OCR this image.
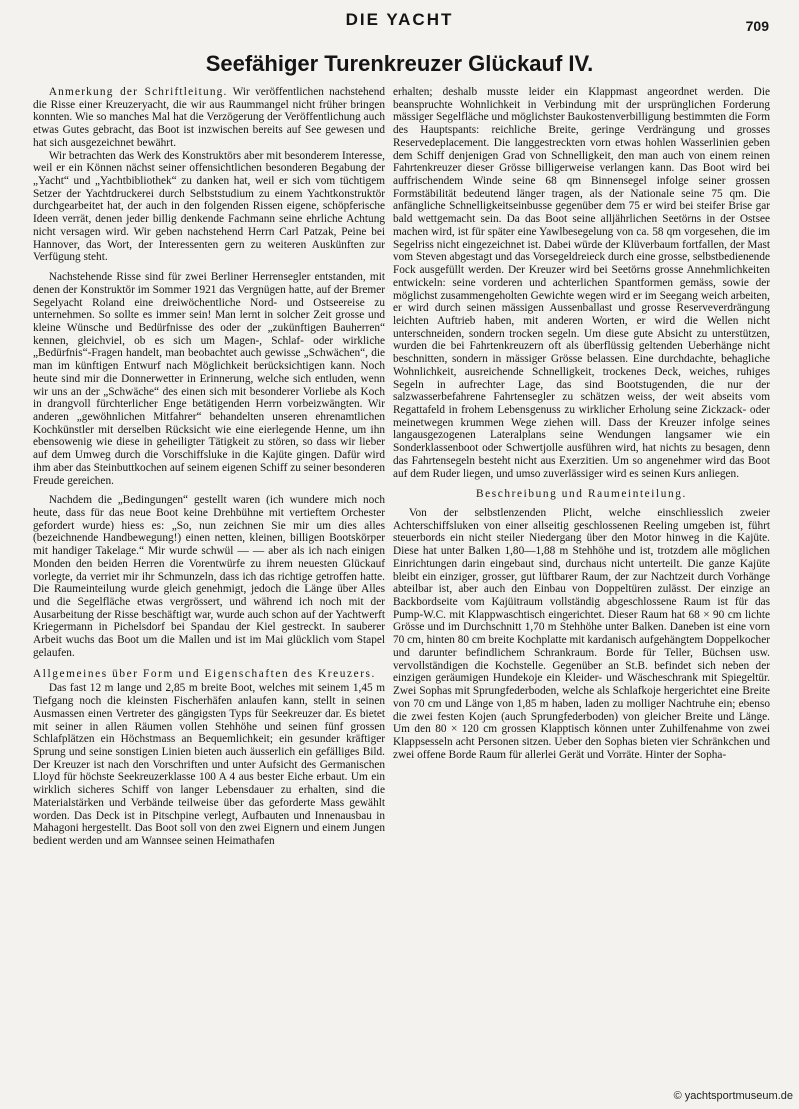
DIE YACHT	709
Seefähiger Turenkreuzer Glückauf IV.

Anmerkung der Schriftleitung. Wir veröffentlichen nachstehend die Risse einer Kreuzeryacht, die wir aus Raummangel nicht früher bringen konnten. Wie so manches Mal hat die Verzögerung der Veröffentlichung auch etwas Gutes gebracht, das Boot ist inzwischen bereits auf See gewesen und hat sich ausgezeichnet bewährt.

Wir betrachten das Werk des Konstruktörs aber mit besonderem Interesse, weil er ein Können nächst seiner offensichtlichen besonderen Begabung der „Yacht“ und „Yachtbibliothek“ zu danken hat, weil er sich vom tüchtigem Setzer der Yachtdruckerei durch Selbststudium zu einem Yachtkonstruktör durchgearbeitet hat, der auch in den folgenden Rissen eigene, schöpferische Ideen verrät, denen jeder billig denkende Fachmann seine ehrliche Achtung nicht versagen wird. Wir geben nachstehend Herrn Carl Patzak, Peine bei Hannover, das Wort, der Interessenten gern zu weiteren Auskünften zur Verfügung steht.

Nachstehende Risse sind für zwei Berliner Herrensegler entstanden, mit denen der Konstruktör im Sommer 1921 das Vergnügen hatte, auf der Bremer Segelyacht Roland eine dreiwöchentliche Nord- und Ostseereise zu unternehmen. So sollte es immer sein! Man lernt in solcher Zeit grosse und kleine Wünsche und Bedürfnisse des oder der „zukünftigen Bauherren“ kennen, gleichviel, ob es sich um Magen-, Schlaf- oder wirkliche „Bedürfnis“-Fragen handelt, man beobachtet auch gewisse „Schwächen“, die man im künftigen Entwurf nach Möglichkeit berücksichtigen kann. Noch heute sind mir die Donnerwetter in Erinnerung, welche sich entluden, wenn wir uns an der „Schwäche“ des einen sich mit besonderer Vorliebe als Koch in drangvoll fürchterlicher Enge betätigenden Herrn vorbeizwängten. Wir anderen „gewöhnlichen Mitfahrer“ behandelten unseren ehrenamtlichen Kochkünstler mit derselben Rücksicht wie eine eierlegende Henne, um ihn ebensowenig wie diese in geheiligter Tätigkeit zu stören, so dass wir lieber auf dem Umweg durch die Vorschiffsluke in die Kajüte gingen. Dafür wird ihm aber das Steinbuttkochen auf seinem eigenen Schiff zu seiner besonderen Freude gereichen.

Nachdem die „Bedingungen“ gestellt waren (ich wundere mich noch heute, dass für das neue Boot keine Drehbühne mit vertieftem Orchester gefordert wurde) hiess es: „So, nun zeichnen Sie mir um dies alles (bezeichnende Handbewegung!) einen netten, kleinen, billigen Bootskörper mit handiger Takelage.“ Mir wurde schwül — — aber als ich nach einigen Monden den beiden Herren die Vorentwürfe zu ihrem neuesten Glückauf vorlegte, da verriet mir ihr Schmunzeln, dass ich das richtige getroffen hatte. Die Raumeinteilung wurde gleich genehmigt, jedoch die Länge über Alles und die Segelfläche etwas vergrössert, und während ich noch mit der Ausarbeitung der Risse beschäftigt war, wurde auch schon auf der Yachtwerft Kriegermann in Pichelsdorf bei Spandau der Kiel gestreckt. In sauberer Arbeit wuchs das Boot um die Mallen und ist im Mai glücklich vom Stapel gelaufen.

Allgemeines über Form und Eigenschaften des Kreuzers.

Das fast 12 m lange und 2,85 m breite Boot, welches mit seinem 1,45 m Tiefgang noch die kleinsten Fischerhäfen anlaufen kann, stellt in seinen Ausmassen einen Vertreter des gängigsten Typs für Seekreuzer dar. Es bietet mit seiner in allen Räumen vollen Stehhöhe und seinen fünf grossen Schlafplätzen ein Höchstmass an Bequemlichkeit; ein gesunder kräftiger Sprung und seine sonstigen Linien bieten auch äusserlich ein gefälliges Bild. Der Kreuzer ist nach den Vorschriften und unter Aufsicht des Germanischen Lloyd für höchste Seekreuzerklasse 100 A 4 aus bester Eiche erbaut. Um ein wirklich sicheres Schiff von langer Lebensdauer zu erhalten, sind die Materialstärken und Verbände teilweise über das geforderte Mass gewählt worden. Das Deck ist in Pitschpine verlegt, Aufbauten und Innenausbau in Mahagoni hergestellt. Das Boot soll von den zwei Eignern und einem Jungen bedient werden und am Wannsee seinen Heimathafen

erhalten; deshalb musste leider ein Klappmast angeordnet werden. Die beanspruchte Wohnlichkeit in Verbindung mit der ursprünglichen Forderung mässiger Segelfläche und möglichster Baukostenverbilligung bestimmten die Form des Hauptspants: reichliche Breite, geringe Verdrängung und grosses Reservedeplacement. Die langgestreckten vorn etwas hohlen Wasserlinien geben dem Schiff denjenigen Grad von Schnelligkeit, den man auch von einem reinen Fahrtenkreuzer dieser Grösse billigerweise verlangen kann. Das Boot wird bei auffrischendem Winde seine 68 qm Binnensegel infolge seiner grossen Formstäbilität bedeutend länger tragen, als der Nationale seine 75 qm. Die anfängliche Schnelligkeitseinbusse gegenüber dem 75 er wird bei steifer Brise gar bald wettgemacht sein. Da das Boot seine alljährlichen Seetörns in der Ostsee machen wird, ist für später eine Yawlbesegelung von ca. 58 qm vorgesehen, die im Segelriss nicht eingezeichnet ist. Dabei würde der Klüverbaum fortfallen, der Mast vom Steven abgestagt und das Vorsegeldreieck durch eine grosse, selbstbedienende Fock ausgefüllt werden. Der Kreuzer wird bei Seetörns grosse Annehmlichkeiten entwickeln: seine vorderen und achterlichen Spantformen gemäss, sowie der möglichst zusammengeholten Gewichte wegen wird er im Seegang weich arbeiten, er wird durch seinen mässigen Aussenballast und grosse Reserveverdrängung leichten Auftrieb haben, mit anderen Worten, er wird die Wellen nicht unterschneiden, sondern trocken segeln. Um diese gute Absicht zu unterstützen, wurden die bei Fahrtenkreuzern oft als überflüssig geltenden Ueberhänge nicht beschnitten, sondern in mässiger Grösse belassen. Eine durchdachte, behagliche Wohnlichkeit, ausreichende Schnelligkeit, trockenes Deck, weiches, ruhiges Segeln in aufrechter Lage, das sind Bootstugenden, die nur der salzwasserbefahrene Fahrtensegler zu schätzen weiss, der weit abseits vom Regattafeld in frohem Lebensgenuss zu wirklicher Erholung seine Zickzack- oder meinetwegen krummen Wege ziehen will. Dass der Kreuzer infolge seines langausgezogenen Lateralplans seine Wendungen langsamer wie ein Sonderklassenboot oder Schwertjolle ausführen wird, hat nichts zu besagen, denn das Fahrtensegeln besteht nicht aus Exerzitien. Um so angenehmer wird das Boot auf dem Ruder liegen, und umso zuverlässiger wird es seinen Kurs anliegen.

Beschreibung und Raumeinteilung.

Von der selbstlenzenden Plicht, welche einschliesslich zweier Achterschiffsluken von einer allseitig geschlossenen Reeling umgeben ist, führt steuerbords ein nicht steiler Niedergang über den Motor hinweg in die Kajüte. Diese hat unter Balken 1,80—1,88 m Stehhöhe und ist, trotzdem alle möglichen Einrichtungen darin eingebaut sind, durchaus nicht unterteilt. Die ganze Kajüte bleibt ein einziger, grosser, gut lüftbarer Raum, der zur Nachtzeit durch Vorhänge abteilbar ist, aber auch den Einbau von Doppeltüren zulässt. Der einzige an Backbordseite vom Kajüitraum vollständig abgeschlossene Raum ist für das Pump-W.C. mit Klappwaschtisch eingerichtet. Dieser Raum hat 68 × 90 cm lichte Grösse und im Durchschnitt 1,70 m Stehhöhe unter Balken. Daneben ist eine vorn 70 cm, hinten 80 cm breite Kochplatte mit kardanisch aufgehängtem Doppelkocher und darunter befindlichem Schrankraum. Borde für Teller, Büchsen usw. vervollständigen die Kochstelle. Gegenüber an St.B. befindet sich neben der einzigen geräumigen Hundekoje ein Kleider- und Wäscheschrank mit Spiegeltür. Zwei Sophas mit Sprungfederboden, welche als Schlafkoje hergerichtet eine Breite von 70 cm und Länge von 1,85 m haben, laden zu molliger Nachtruhe ein; ebenso die zwei festen Kojen (auch Sprungfederboden) von gleicher Breite und Länge. Um den 80 × 120 cm grossen Klapptisch können unter Zuhilfenahme von zwei Klappsesseln acht Personen sitzen. Ueber den Sophas bieten vier Schränkchen und zwei offene Borde Raum für allerlei Gerät und Vorräte. Hinter der Sopha-

© yachtsportmuseum.de
